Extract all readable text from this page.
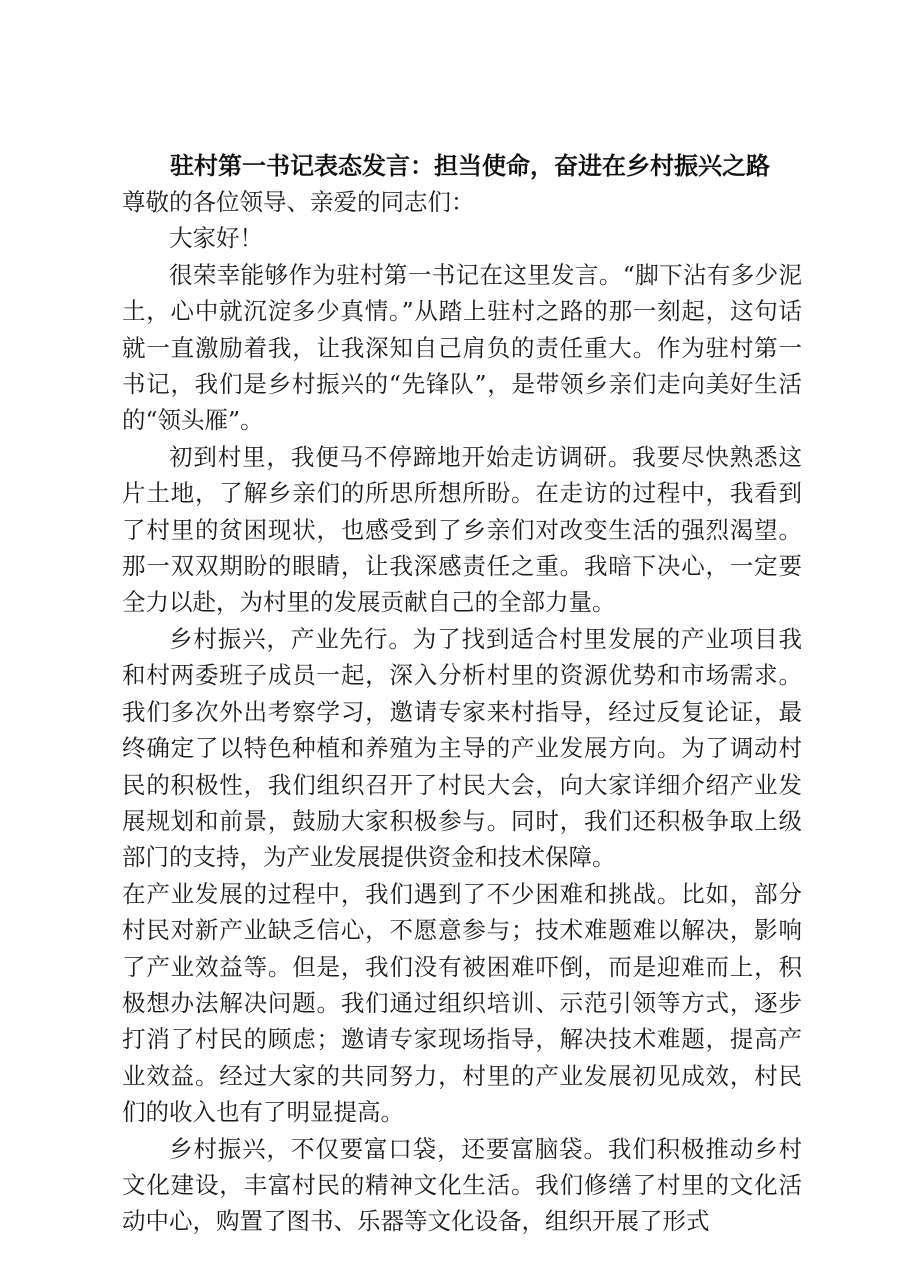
驻村第一书记表态发言：担当使命，奋进在乡村振兴之路

尊敬的各位领导、亲爱的同志们：

大家好！

很荣幸能够作为驻村第一书记在这里发言。“脚下沾有多少泥土，心中就沉淀多少真情。”从踏上驻村之路的那一刻起，这句话就一直激励着我，让我深知自己肩负的责任重大。作为驻村第一书记，我们是乡村振兴的“先锋队”，是带领乡亲们走向美好生活的“领头雁”。

初到村里，我便马不停蹄地开始走访调研。我要尽快熟悉这片土地，了解乡亲们的所思所想所盼。在走访的过程中，我看到了村里的贫困现状，也感受到了乡亲们对改变生活的强烈渴望。那一双双期盼的眼睛，让我深感责任之重。我暗下决心，一定要全力以赴，为村里的发展贡献自己的全部力量。

乡村振兴，产业先行。为了找到适合村里发展的产业项目我和村两委班子成员一起，深入分析村里的资源优势和市场需求。我们多次外出考察学习，邀请专家来村指导，经过反复论证，最终确定了以特色种植和养殖为主导的产业发展方向。为了调动村民的积极性，我们组织召开了村民大会，向大家详细介绍产业发展规划和前景，鼓励大家积极参与。同时，我们还积极争取上级部门的支持，为产业发展提供资金和技术保障。

在产业发展的过程中，我们遇到了不少困难和挑战。比如，部分村民对新产业缺乏信心，不愿意参与；技术难题难以解决，影响了产业效益等。但是，我们没有被困难吓倒，而是迎难而上，积极想办法解决问题。我们通过组织培训、示范引领等方式，逐步打消了村民的顾虑；邀请专家现场指导，解决技术难题，提高产业效益。经过大家的共同努力，村里的产业发展初见成效，村民们的收入也有了明显提高。

乡村振兴，不仅要富口袋，还要富脑袋。我们积极推动乡村文化建设，丰富村民的精神文化生活。我们修缮了村里的文化活动中心，购置了图书、乐器等文化设备，组织开展了形式
